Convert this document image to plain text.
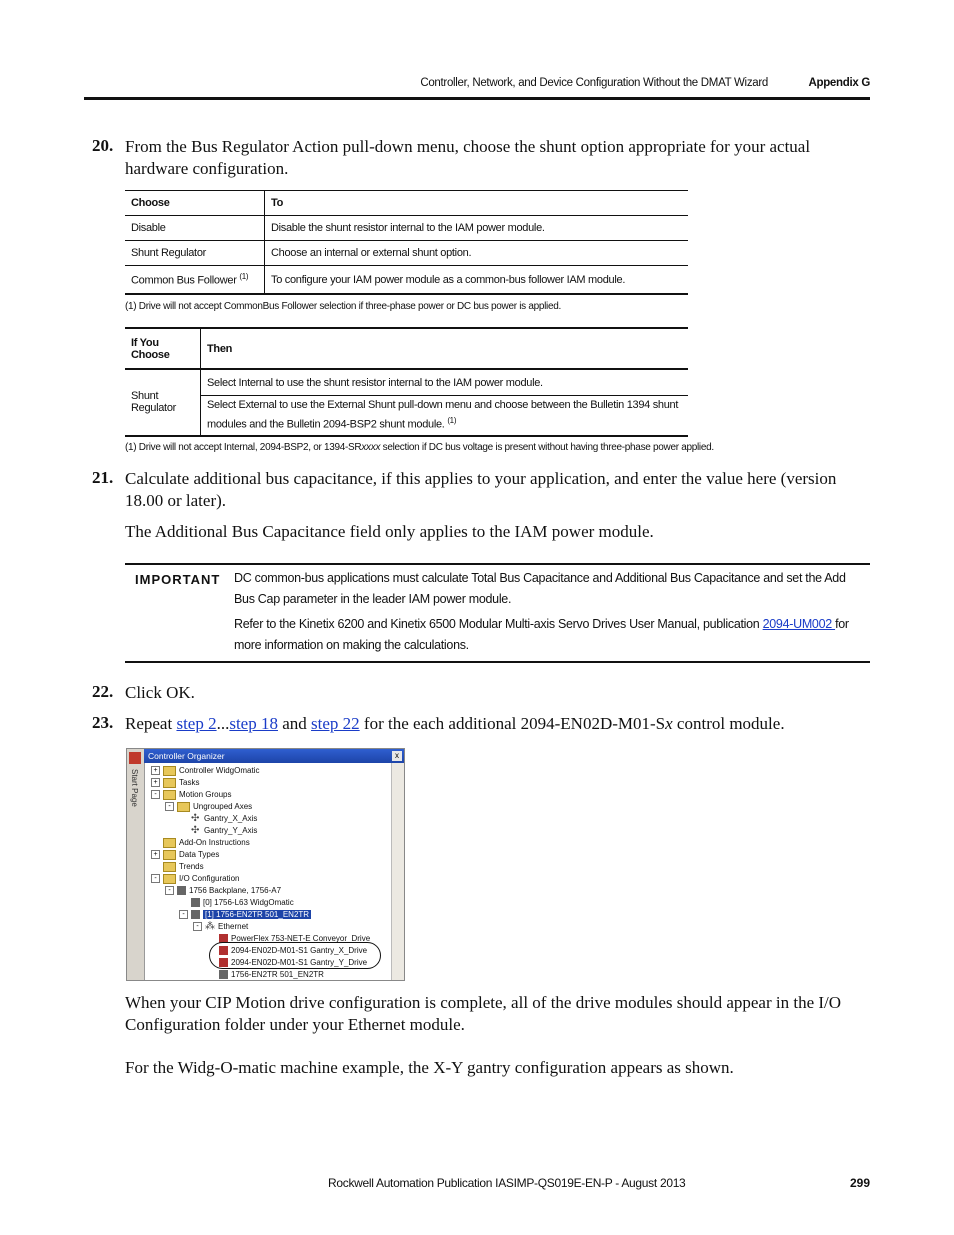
Controller, Network, and Device Configuration Without the DMAT Wizard	Appendix G
20. From the Bus Regulator Action pull-down menu, choose the shunt option appropriate for your actual hardware configuration.
Choose	To
Disable	Disable the shunt resistor internal to the IAM power module.
Shunt Regulator	Choose an internal or external shunt option.
Common Bus Follower $^{(1)}$	To configure your IAM power module as a common-bus follower IAM module.
(1) Drive will not accept CommonBus Follower selection if three-phase power or DC bus power is applied.
If You Choose	Then
Shunt Regulator	Select Internal to use the shunt resistor internal to the IAM power module.
	Select External to use the External Shunt pull-down menu and choose between the Bulletin 1394 shunt modules and the Bulletin 2094-BSP2 shunt module. $^{(1)}$
(1) Drive will not accept Internal, 2094-BSP2, or 1394-SRxxxx selection if DC bus voltage is present without having three-phase power applied.
21. Calculate additional bus capacitance, if this applies to your application, and enter the value here (version 18.00 or later).
The Additional Bus Capacitance field only applies to the IAM power module.
IMPORTANT DC common-bus applications must calculate Total Bus Capacitance and Additional Bus Capacitance and set the Add Bus Cap parameter in the leader IAM power module.
Refer to the Kinetix 6200 and Kinetix 6500 Modular Multi-axis Servo Drives User Manual, publication 2094-UM002 for more information on making the calculations.
22. Click OK.
23. Repeat step 2...step 18 and step 22 for the each additional 2094-EN02D-M01-Sx control module.
Start Page
Controller Organizer	x
+	Controller WidgOmatic
+	Tasks
-	Motion Groups
-	Ungrouped Axes
✣ Gantry_X_Axis
✣ Gantry_Y_Axis
Add-On Instructions
+	Data Types
Trends
-	I/O Configuration
- 1756 Backplane, 1756-A7
[0] 1756-L63 WidgOmatic
-	[1] 1756-EN2TR 501_EN2TR
- ⁂ Ethernet
PowerFlex 753-NET-E Conveyor_Drive
2094-EN02D-M01-S1 Gantry_X_Drive
2094-EN02D-M01-S1 Gantry_Y_Drive
1756-EN2TR 501_EN2TR
When your CIP Motion drive configuration is complete, all of the drive modules should appear in the I/O Configuration folder under your Ethernet module.
For the Widg-O-matic machine example, the X-Y gantry configuration appears as shown.
Rockwell Automation Publication IASIMP-QS019E-EN-P - August 2013	299
